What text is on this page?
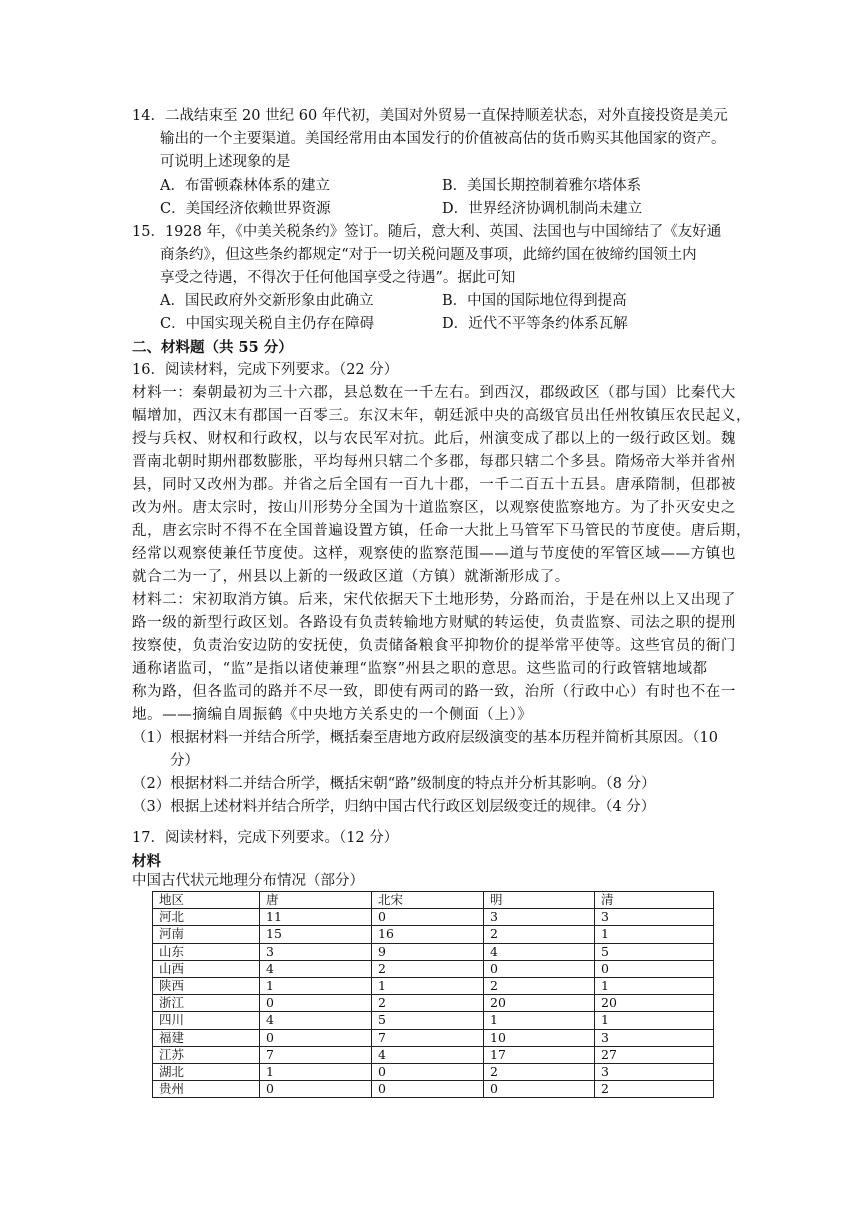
14．二战结束至 20 世纪 60 年代初，美国对外贸易一直保持顺差状态，对外直接投资是美元
输出的一个主要渠道。美国经常用由本国发行的价值被高估的货币购买其他国家的资产。
可说明上述现象的是
A．布雷顿森林体系的建立	B．美国长期控制着雅尔塔体系
C．美国经济依赖世界资源	D．世界经济协调机制尚未建立
15．1928 年，《中美关税条约》签订。随后，意大利、英国、法国也与中国缔结了《友好通
商条约》，但这些条约都规定“对于一切关税问题及事项，此缔约国在彼缔约国领土内
享受之待遇，不得次于任何他国享受之待遇”。据此可知
A．国民政府外交新形象由此确立	B．中国的国际地位得到提高
C．中国实现关税自主仍存在障碍	D．近代不平等条约体系瓦解
二、材料题（共 55 分）
16．阅读材料，完成下列要求。（22 分）
材料一：秦朝最初为三十六郡，县总数在一千左右。到西汉，郡级政区（郡与国）比秦代大
幅增加，西汉末有郡国一百零三。东汉末年，朝廷派中央的高级官员出任州牧镇压农民起义，
授与兵权、财权和行政权，以与农民军对抗。此后，州演变成了郡以上的一级行政区划。魏
晋南北朝时期州郡数膨胀，平均每州只辖二个多郡，每郡只辖二个多县。隋炀帝大举并省州
县，同时又改州为郡。并省之后全国有一百九十郡，一千二百五十五县。唐承隋制，但郡被
改为州。唐太宗时，按山川形势分全国为十道监察区，以观察使监察地方。为了扑灭安史之
乱，唐玄宗时不得不在全国普遍设置方镇，任命一大批上马管军下马管民的节度使。唐后期，
经常以观察使兼任节度使。这样，观察使的监察范围——道与节度使的军管区域——方镇也
就合二为一了，州县以上新的一级政区道（方镇）就渐渐形成了。
材料二：宋初取消方镇。后来，宋代依据天下土地形势，分路而治，于是在州以上又出现了
路一级的新型行政区划。各路设有负责转输地方财赋的转运使，负责监察、司法之职的提刑
按察使，负责治安边防的安抚使，负责储备粮食平抑物价的提举常平使等。这些官员的衙门
通称诸监司，“监”是指以诸使兼理“监察”州县之职的意思。这些监司的行政管辖地域都
称为路，但各监司的路并不尽一致，即使有两司的路一致，治所（行政中心）有时也不在一
地。——摘编自周振鹤《中央地方关系史的一个侧面（上）》
（1）根据材料一并结合所学，概括秦至唐地方政府层级演变的基本历程并简析其原因。（10
分）
（2）根据材料二并结合所学，概括宋朝“路”级制度的特点并分析其影响。（8 分）
（3）根据上述材料并结合所学，归纳中国古代行政区划层级变迁的规律。（4 分）
17．阅读材料，完成下列要求。（12 分）
材料
中国古代状元地理分布情况（部分）
地区	唐	北宋	明	清
河北	11	0	3	3
河南	15	16	2	1
山东	3	9	4	5
山西	4	2	0	0
陕西	1	1	2	1
浙江	0	2	20	20
四川	4	5	1	1
福建	0	7	10	3
江苏	7	4	17	27
湖北	1	0	2	3
贵州	0	0	0	2
